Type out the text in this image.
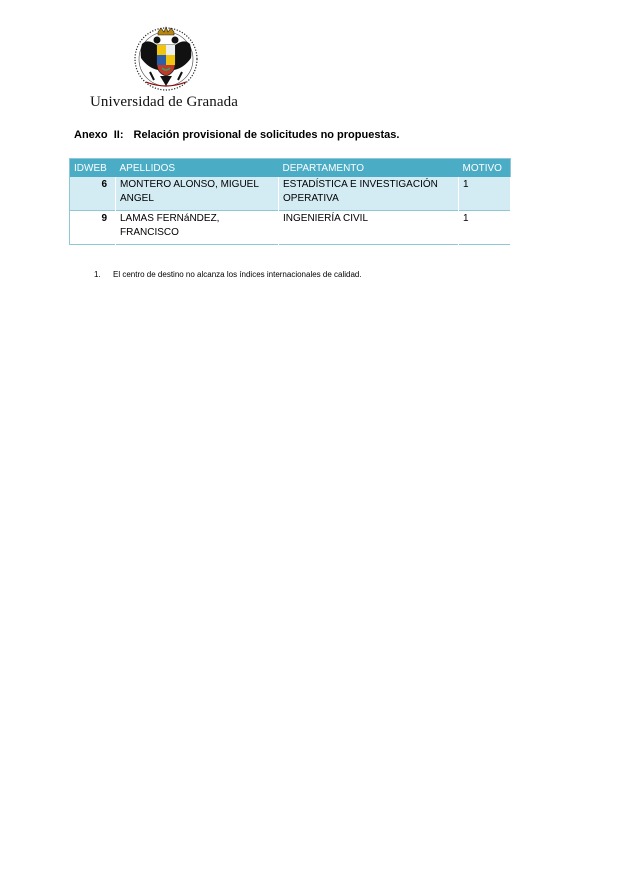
Universidad de Granada
Anexo  II: Relación provisional de solicitudes no propuestas.
IDWEB	APELLIDOS	DEPARTAMENTO	MOTIVO
6	MONTERO ALONSO, MIGUEL ANGEL	ESTADÍSTICA E INVESTIGACIÓN OPERATIVA	1
9	LAMAS FERNáNDEZ, FRANCISCO	INGENIERÍA CIVIL	1
1. El centro de destino no alcanza los índices internacionales de calidad.
